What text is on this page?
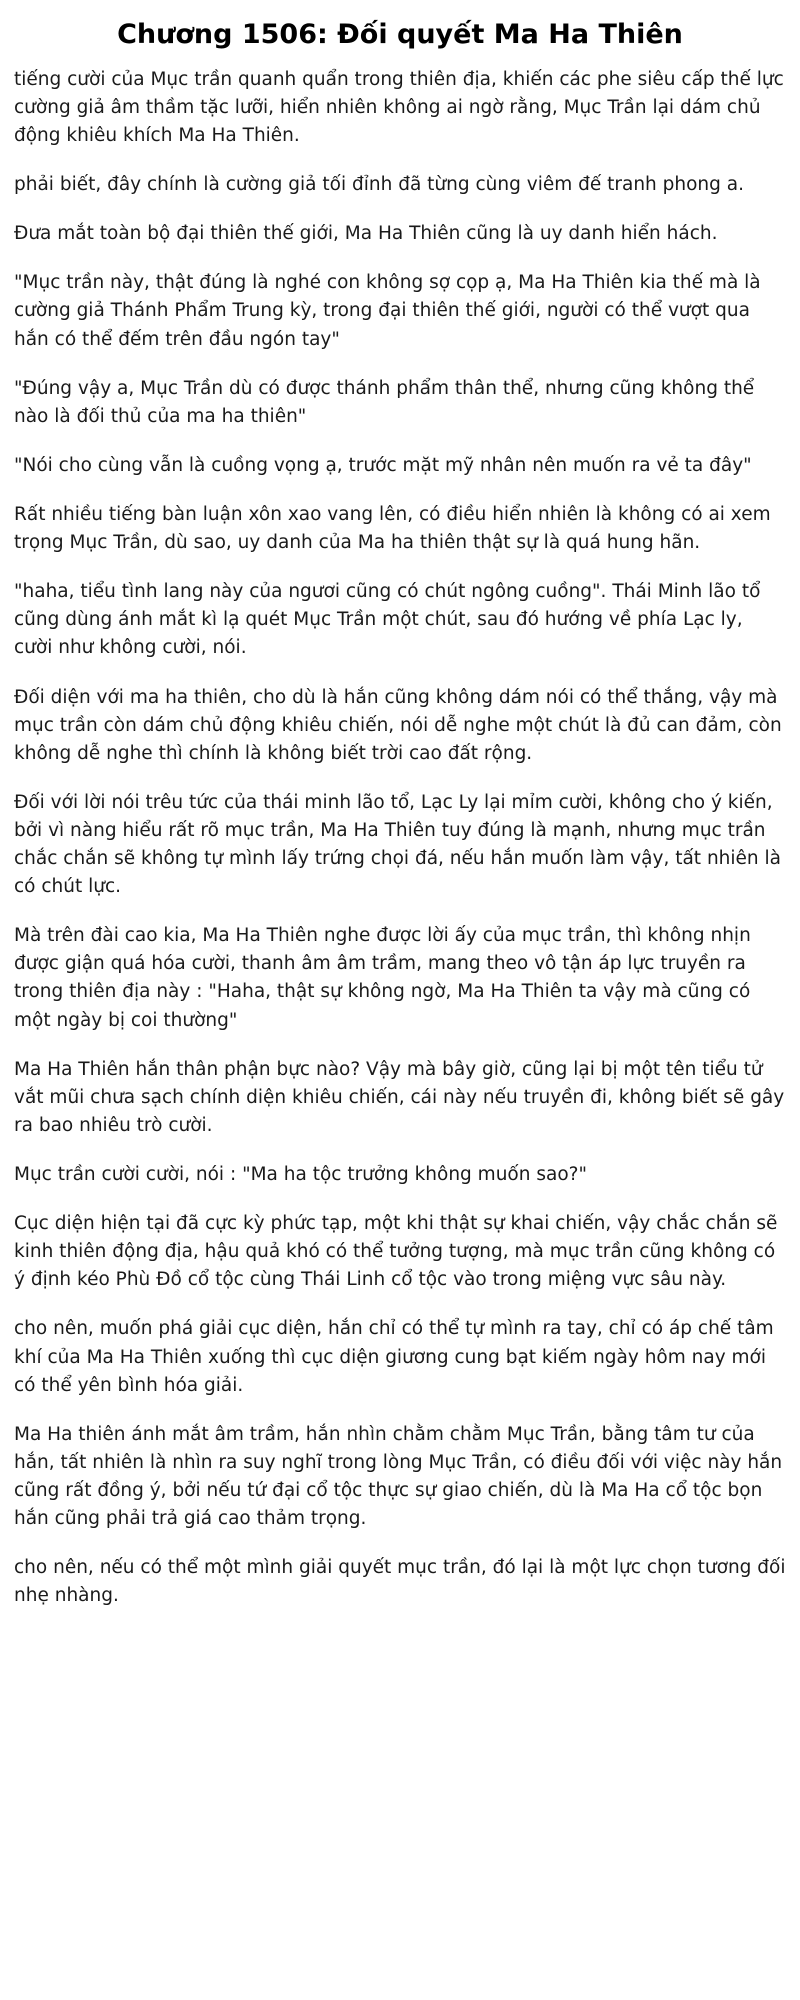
Chương 1506: Đối quyết Ma Ha Thiên

tiếng cười của Mục trần quanh quẩn trong thiên địa, khiến các phe siêu cấp thế lực cường giả âm thầm tặc lưỡi, hiển nhiên không ai ngờ rằng, Mục Trần lại dám chủ động khiêu khích Ma Ha Thiên.

phải biết, đây chính là cường giả tối đỉnh đã từng cùng viêm đế tranh phong a.

Đưa mắt toàn bộ đại thiên thế giới, Ma Ha Thiên cũng là uy danh hiển hách.

"Mục trần này, thật đúng là nghé con không sợ cọp ạ, Ma Ha Thiên kia thế mà là cường giả Thánh Phẩm Trung kỳ, trong đại thiên thế giới, người có thể vượt qua hắn có thể đếm trên đầu ngón tay"

"Đúng vậy a, Mục Trần dù có được thánh phẩm thân thể, nhưng cũng không thể nào là đối thủ của ma ha thiên"

"Nói cho cùng vẫn là cuồng vọng ạ, trước mặt mỹ nhân nên muốn ra vẻ ta đây"

Rất nhiều tiếng bàn luận xôn xao vang lên, có điều hiển nhiên là không có ai xem trọng Mục Trần, dù sao, uy danh của Ma ha thiên thật sự là quá hung hãn.

"haha, tiểu tình lang này của ngươi cũng có chút ngông cuồng". Thái Minh lão tổ cũng dùng ánh mắt kì lạ quét Mục Trần một chút, sau đó hướng về phía Lạc ly, cười như không cười, nói.

Đối diện với ma ha thiên, cho dù là hắn cũng không dám nói có thể thắng, vậy mà mục trần còn dám chủ động khiêu chiến, nói dễ nghe một chút là đủ can đảm, còn không dễ nghe thì chính là không biết trời cao đất rộng.

Đối với lời nói trêu tức của thái minh lão tổ, Lạc Ly lại mỉm cười, không cho ý kiến, bởi vì nàng hiểu rất rõ mục trần, Ma Ha Thiên tuy đúng là mạnh, nhưng mục trần chắc chắn sẽ không tự mình lấy trứng chọi đá, nếu hắn muốn làm vậy, tất nhiên là có chút lực.

Mà trên đài cao kia, Ma Ha Thiên nghe được lời ấy của mục trần, thì không nhịn được giận quá hóa cười, thanh âm âm trầm, mang theo vô tận áp lực truyền ra trong thiên địa này : "Haha, thật sự không ngờ, Ma Ha Thiên ta vậy mà cũng có một ngày bị coi thường"

Ma Ha Thiên hắn thân phận bực nào? Vậy mà bây giờ, cũng lại bị một tên tiểu tử vắt mũi chưa sạch chính diện khiêu chiến, cái này nếu truyền đi, không biết sẽ gây ra bao nhiêu trò cười.

Mục trần cười cười, nói : "Ma ha tộc trưởng không muốn sao?"

Cục diện hiện tại đã cực kỳ phức tạp, một khi thật sự khai chiến, vậy chắc chắn sẽ kinh thiên động địa, hậu quả khó có thể tưởng tượng, mà mục trần cũng không có ý định kéo Phù Đồ cổ tộc cùng Thái Linh cổ tộc vào trong miệng vực sâu này.

cho nên, muốn phá giải cục diện, hắn chỉ có thể tự mình ra tay, chỉ có áp chế tâm khí của Ma Ha Thiên xuống thì cục diện giương cung bạt kiếm ngày hôm nay mới có thể yên bình hóa giải.

Ma Ha thiên ánh mắt âm trầm, hắn nhìn chằm chằm Mục Trần, bằng tâm tư của hắn, tất nhiên là nhìn ra suy nghĩ trong lòng Mục Trần, có điều đối với việc này hắn cũng rất đồng ý, bởi nếu tứ đại cổ tộc thực sự giao chiến, dù là Ma Ha cổ tộc bọn hắn cũng phải trả giá cao thảm trọng.

cho nên, nếu có thể một mình giải quyết mục trần, đó lại là một lực chọn tương đối nhẹ nhàng.
